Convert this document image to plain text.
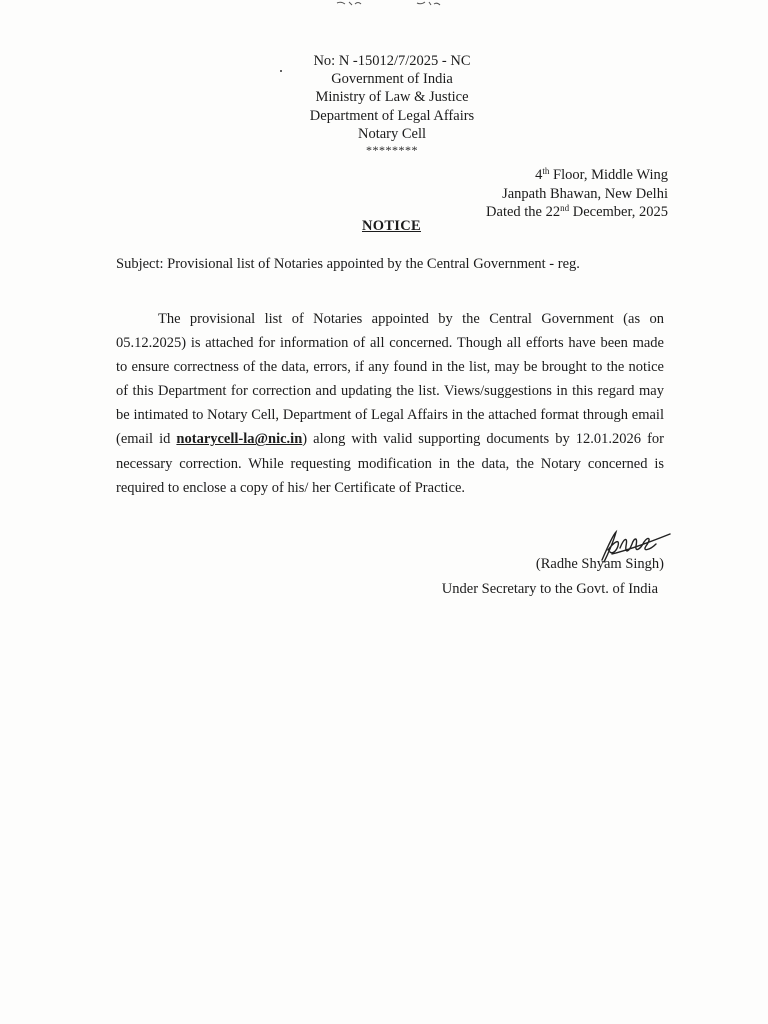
No: N -15012/7/2025 - NC
Government of India
Ministry of Law & Justice
Department of Legal Affairs
Notary Cell
********
4th Floor, Middle Wing
Janpath Bhawan, New Delhi
Dated the 22nd December, 2025
NOTICE
Subject: Provisional list of Notaries appointed by the Central Government - reg.
The provisional list of Notaries appointed by the Central Government (as on 05.12.2025) is attached for information of all concerned. Though all efforts have been made to ensure correctness of the data, errors, if any found in the list, may be brought to the notice of this Department for correction and updating the list. Views/suggestions in this regard may be intimated to Notary Cell, Department of Legal Affairs in the attached format through email (email id notarycell-la@nic.in) along with valid supporting documents by 12.01.2026 for necessary correction. While requesting modification in the data, the Notary concerned is required to enclose a copy of his/ her Certificate of Practice.
(Radhe Shyam Singh)
Under Secretary to the Govt. of India
